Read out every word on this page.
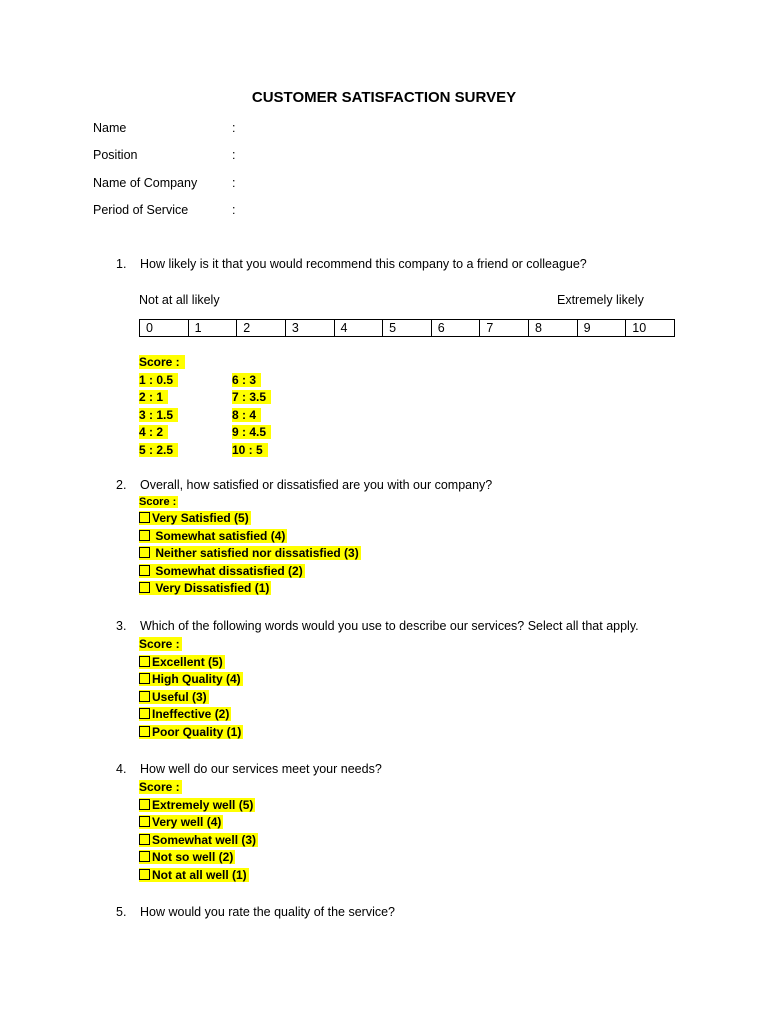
CUSTOMER SATISFACTION SURVEY
Name	:
Position	:
Name of Company	:
Period of Service	:
1. How likely is it that you would recommend this company to a friend or colleague?
Not at all likely	Extremely likely
0	1	2	3	4	5	6	7	8	9	10
Score :
1 : 0.5	6 : 3
2 : 1	7 : 3.5
3 : 1.5	8 : 4
4 : 2	9 : 4.5
5 : 2.5	10 : 5
2. Overall, how satisfied or dissatisfied are you with our company?
Score :
Very Satisfied (5)
Somewhat satisfied (4)
Neither satisfied nor dissatisfied (3)
Somewhat dissatisfied (2)
Very Dissatisfied (1)
3. Which of the following words would you use to describe our services? Select all that apply.
Score :
Excellent (5)
High Quality (4)
Useful (3)
Ineffective (2)
Poor Quality (1)
4. How well do our services meet your needs?
Score :
Extremely well (5)
Very well (4)
Somewhat well (3)
Not so well (2)
Not at all well (1)
5. How would you rate the quality of the service?
